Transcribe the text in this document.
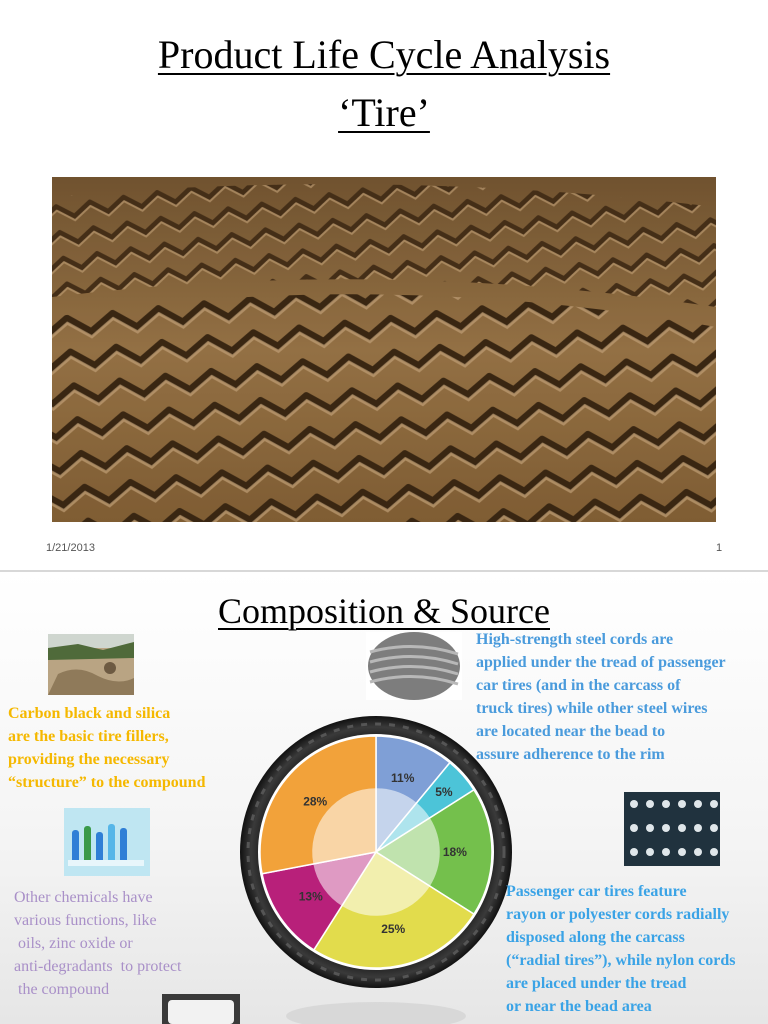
Product Life Cycle Analysis
‘Tire’
1/21/2013	1
Composition & Source
11%
5%
18%
25%
13%
28%
Carbon black and silica
are the basic tire fillers,
providing the necessary
“structure” to the compound
High-strength steel cords are
applied under the tread of passenger
car tires (and in the carcass of
truck tires) while other steel wires
are located near the bead to
assure adherence to the rim
Other chemicals have
various functions, like
oils, zinc oxide or
anti-degradants  to protect
the compound
Passenger car tires feature
rayon or polyester cords radially
disposed along the carcass
(“radial tires”), while nylon cords
are placed under the tread
or near the bead area
